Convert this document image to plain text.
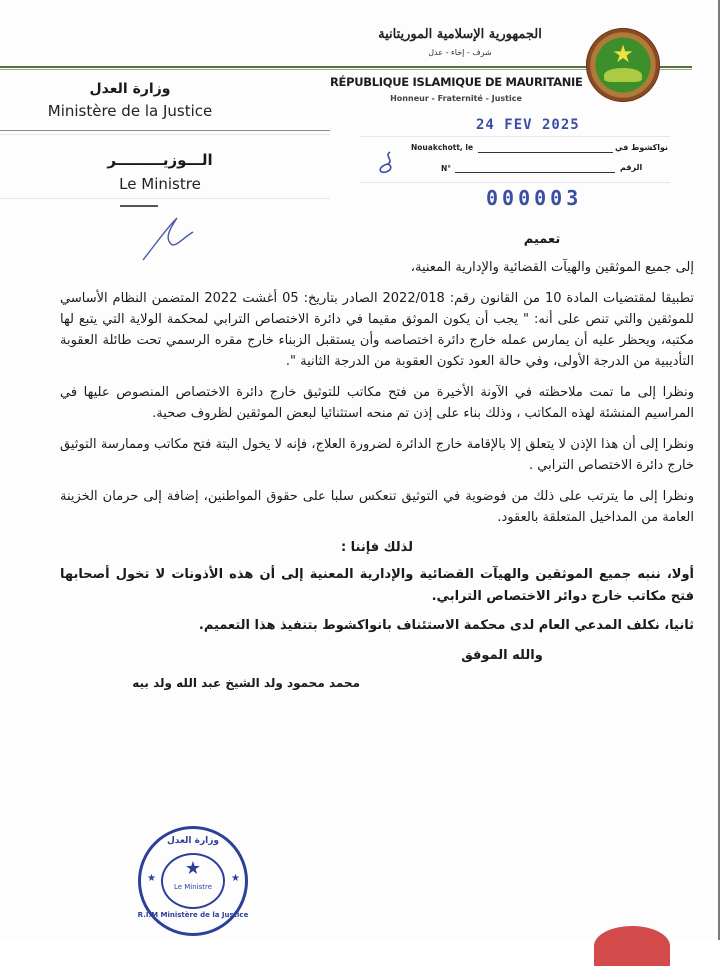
الجمهورية الإسلامية الموريتانية
شرف - إخاء - عدل
RÉPUBLIQUE ISLAMIQUE DE MAURITANIE
Honneur - Fraternité - Justice
★
وزارة العدل
Ministère de la Justice
الـــوزيـــــــــر
Le Ministre
24 FEV 2025
Nouakchott, le	نواكشوط في
N°	الرقم
000003
تعميم
إلى جميع الموثقين والهيآت القضائية والإدارية المعنية،
تطبيقا لمقتضيات المادة 10 من القانون رقم: 2022/018 الصادر بتاريخ: 05 أغشت 2022 المتضمن النظام الأساسي للموثقين والتي تنص على أنه: " يجب أن يكون الموثق مقيما في دائرة الاختصاص الترابي لمحكمة الولاية التي يتبع لها مكتبه، ويحظر عليه أن يمارس عمله خارج دائرة اختصاصه وأن يستقبل الزبناء خارج مقره الرسمي تحت طائلة العقوبة التأديبية من الدرجة الأولى، وفي حالة العود تكون العقوبة من الدرجة الثانية ".
ونظرا إلى ما تمت ملاحظته في الآونة الأخيرة من فتح مكاتب للتوثيق خارج دائرة الاختصاص المنصوص عليها في المراسيم المنشئة لهذه المكاتب ، وذلك بناء على إذن تم منحه استثنائيا لبعض الموثقين لظروف صحية.
ونظرا إلى أن هذا الإذن لا يتعلق إلا بالإقامة خارج الدائرة لضرورة العلاج، فإنه لا يخول البتة فتح مكاتب وممارسة التوثيق خارج دائرة الاختصاص الترابي .
ونظرا إلى ما يترتب على ذلك من فوضوية في التوثيق تنعكس سلبا على حقوق المواطنين، إضافة إلى حرمان الخزينة العامة من المداخيل المتعلقة بالعقود.
لذلك فإننا :
أولا، ننبه جميع الموثقين والهيآت القضائية والإدارية المعنية إلى أن هذه الأذونات لا تخول أصحابها فتح مكاتب خارج دوائر الاختصاص الترابي.
ثانيا، نكلف المدعي العام لدى محكمة الاستئناف بانواكشوط بتنفيذ هذا التعميم.
والله الموفق
محمد محمود ولد الشيخ عبد الله ولد بيه
وزارة العدل
★	★
★
Le Ministre
R.I.M Ministère de la Justice
